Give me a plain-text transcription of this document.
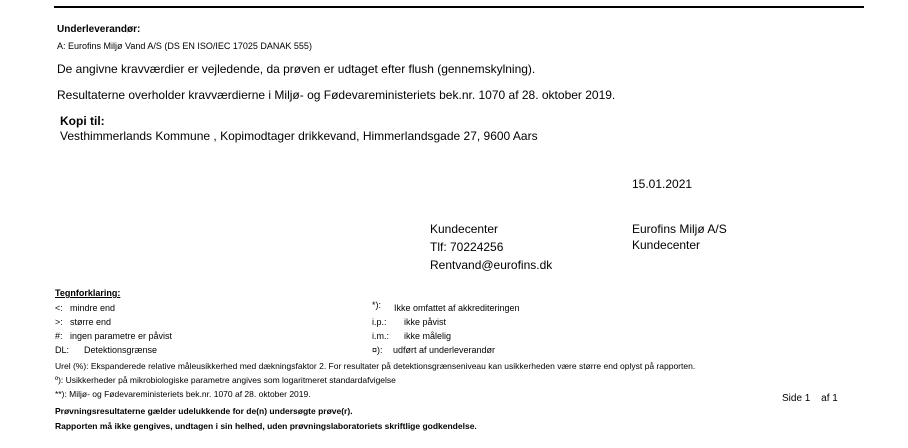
Underleverandør:
A: Eurofins Miljø Vand A/S (DS EN ISO/IEC 17025 DANAK 555)
De angivne kravværdier er vejledende, da prøven er udtaget efter flush (gennemskylning).
Resultaterne overholder kravværdierne i Miljø- og Fødevareministeriets bek.nr. 1070 af 28. oktober 2019.
Kopi til:
Vesthimmerlands Kommune , Kopimodtager drikkevand, Himmerlandsgade 27, 9600 Aars
15.01.2021
Kundecenter
Tlf: 70224256
Rentvand@eurofins.dk
Eurofins Miljø A/S
Kundecenter
Tegnforklaring:
<: mindre end
>: større end
#: ingen parametre er påvist
DL: Detektionsgrænse
*): Ikke omfattet af akkrediteringen
i.p.: ikke påvist
i.m.: ikke målelig
¤): udført af underleverandør
Urel (%): Ekspanderede relative måleusikkerhed med dækningsfaktor 2. For resultater på detektionsgrænseniveau kan usikkerheden være større end oplyst på rapporten.
º): Usikkerheder på mikrobiologiske parametre angives som logaritmeret standardafvigelse
**): Miljø- og Fødevareministeriets bek.nr. 1070 af 28. oktober 2019.	Side 1 af 1
Prøvningsresultaterne gælder udelukkende for de(n) undersøgte prøve(r).
Rapporten må ikke gengives, undtagen i sin helhed, uden prøvningslaboratoriets skriftlige godkendelse.
